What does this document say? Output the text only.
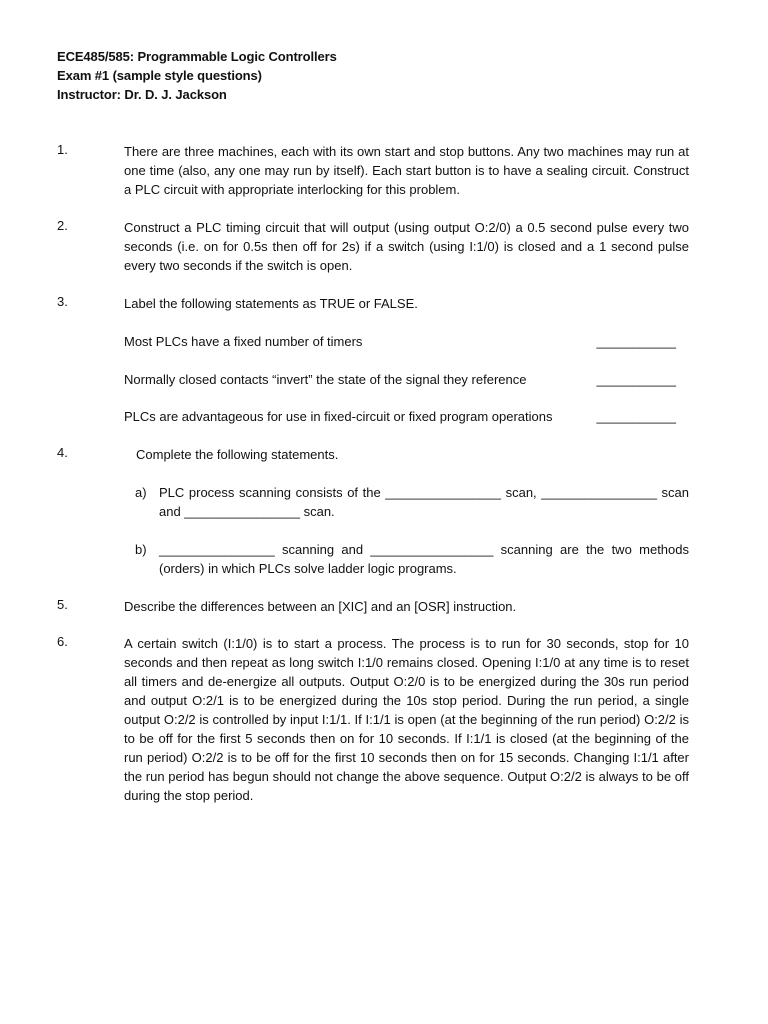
ECE485/585: Programmable Logic Controllers
Exam #1 (sample style questions)
Instructor: Dr. D. J. Jackson
1.	There are three machines, each with its own start and stop buttons. Any two machines may run at one time (also, any one may run by itself). Each start button is to have a sealing circuit. Construct a PLC circuit with appropriate interlocking for this problem.
2.	Construct a PLC timing circuit that will output (using output O:2/0) a 0.5 second pulse every two seconds (i.e. on for 0.5s then off for 2s) if a switch (using I:1/0) is closed and a 1 second pulse every two seconds if the switch is open.
3.	Label the following statements as TRUE or FALSE.
Most PLCs have a fixed number of timers	___________
Normally closed contacts “invert” the state of the signal they reference	___________
PLCs are advantageous for use in fixed-circuit or fixed program operations	___________
4.	Complete the following statements.
a) PLC process scanning consists of the ________________ scan, ________________ scan and ________________ scan.
b) ________________ scanning and _________________ scanning are the two methods (orders) in which PLCs solve ladder logic programs.
5.	Describe the differences between an [XIC] and an [OSR] instruction.
6.	A certain switch (I:1/0) is to start a process. The process is to run for 30 seconds, stop for 10 seconds and then repeat as long switch I:1/0 remains closed. Opening I:1/0 at any time is to reset all timers and de-energize all outputs. Output O:2/0 is to be energized during the 30s run period and output O:2/1 is to be energized during the 10s stop period. During the run period, a single output O:2/2 is controlled by input I:1/1. If I:1/1 is open (at the beginning of the run period) O:2/2 is to be off for the first 5 seconds then on for 10 seconds. If I:1/1 is closed (at the beginning of the run period) O:2/2 is to be off for the first 10 seconds then on for 15 seconds. Changing I:1/1 after the run period has begun should not change the above sequence. Output O:2/2 is always to be off during the stop period.
